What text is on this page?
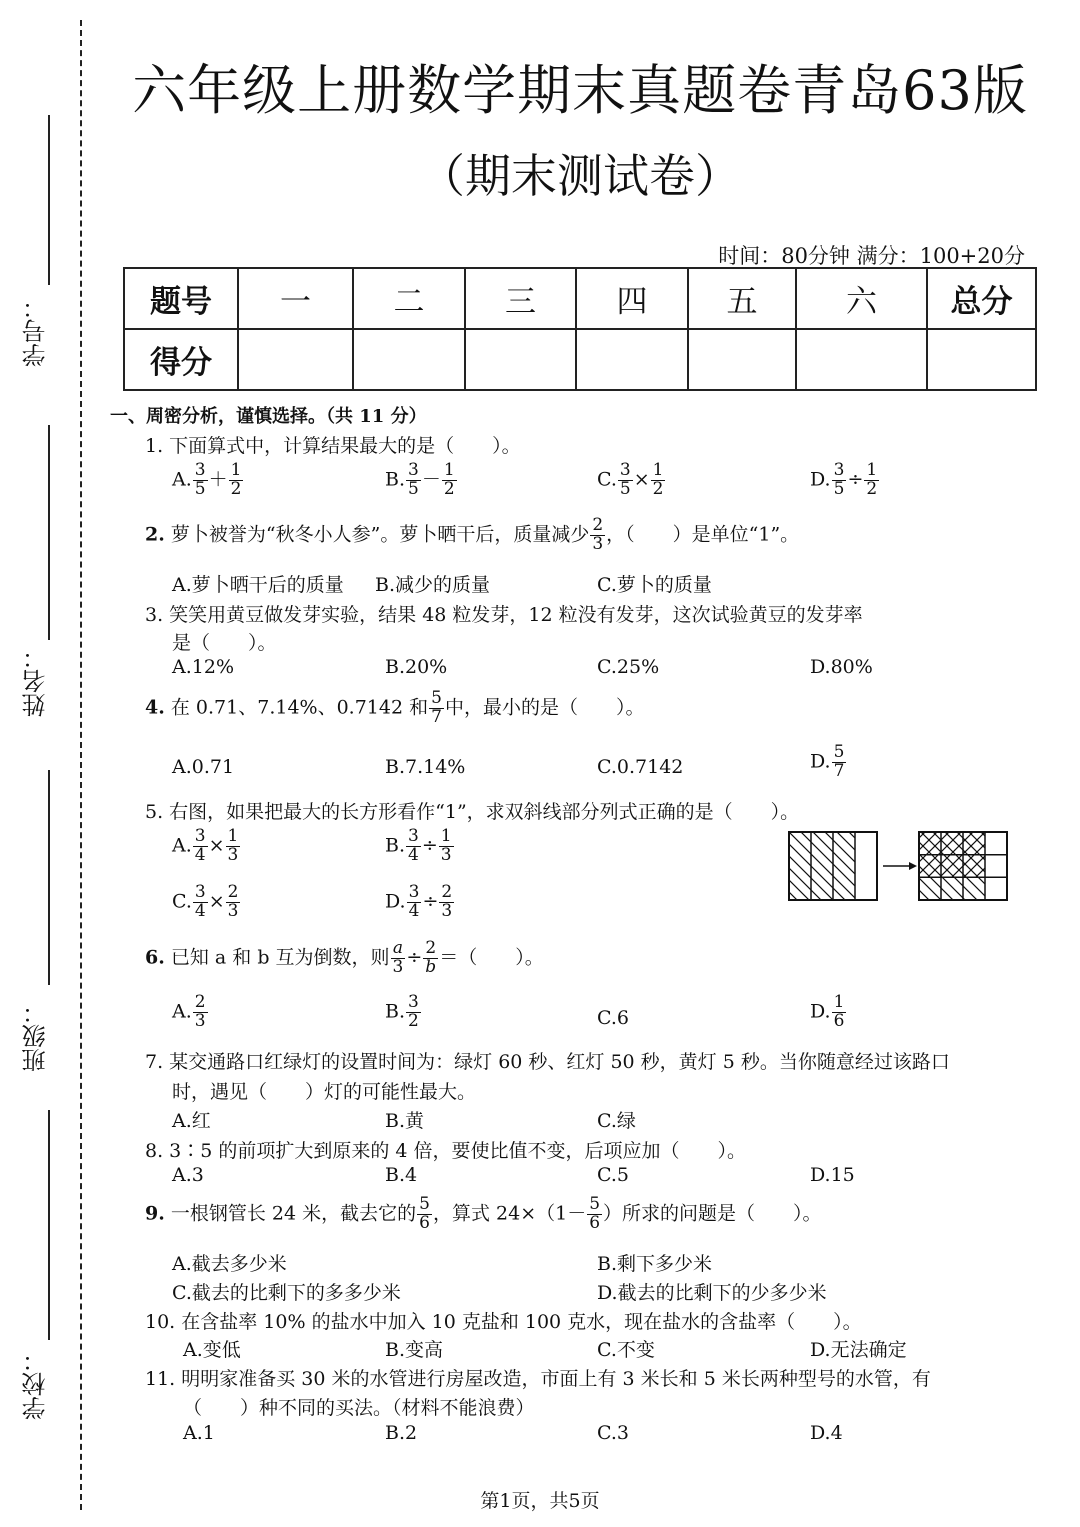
学号：
姓名：
班级：
学校：
六年级上册数学期末真题卷青岛63版
（期末测试卷）
时间：80分钟 满分：100+20分
题号	一	二	三	四	五	六	总分
得分							
一、周密分析，谨慎选择。（共 11 分）
1. 下面算式中，计算结果最大的是（　　）。
A. $\frac{3}{5} + \frac{1}{2}$	B. $\frac{3}{5} - \frac{1}{2}$	C. $\frac{3}{5} \times \frac{1}{2}$	D. $\frac{3}{5} \div \frac{1}{2}$
2. 萝卜被誉为“秋冬小人参”。萝卜晒干后，质量减少 $\frac{2}{3}$ ，（　　）是单位“1”。
A.萝卜晒干后的质量 B.减少的质量	C.萝卜的质量
3. 笑笑用黄豆做发芽实验，结果 48 粒发芽，12 粒没有发芽，这次试验黄豆的发芽率
是（　　）。
A.12%	B.20%	C.25%	D.80%
4. 在 0.71、7.14%、0.7142 和 $\frac{5}{7}$ 中，最小的是（　　）。
A.0.71	B.7.14%	C.0.7142	D. $\frac{5}{7}$
5. 右图，如果把最大的长方形看作“1”，求双斜线部分列式正确的是（　　）。
A. $\frac{3}{4} \times \frac{1}{3}$	B. $\frac{3}{4} \div \frac{1}{3}$
C. $\frac{3}{4} \times \frac{2}{3}$	D. $\frac{3}{4} \div \frac{2}{3}$
6. 已知 a 和 b 互为倒数，则 $\frac{a}{3} \div \frac{2}{b}$ ＝（　　）。
A. $\frac{2}{3}$	B. $\frac{3}{2}$	C.6	D. $\frac{1}{6}$
7. 某交通路口红绿灯的设置时间为：绿灯 60 秒、红灯 50 秒，黄灯 5 秒。当你随意经过该路口
时，遇见（　　）灯的可能性最大。
A.红	B.黄	C.绿
8. 3∶5 的前项扩大到原来的 4 倍，要使比值不变，后项应加（　　）。
A.3	B.4	C.5	D.15
9. 一根钢管长 24 米，截去它的 $\frac{5}{6}$ ，算式 $24\times(1- \frac{5}{6}$ ）所求的问题是（　　）。
A.截去多少米	B.剩下多少米
C.截去的比剩下的多多少米	D.截去的比剩下的少多少米
10. 在含盐率 10% 的盐水中加入 10 克盐和 100 克水，现在盐水的含盐率（　　）。
A.变低	B.变高	C.不变	D.无法确定
11. 明明家准备买 30 米的水管进行房屋改造，市面上有 3 米长和 5 米长两种型号的水管，有
（　　）种不同的买法。（材料不能浪费）
A.1	B.2	C.3	D.4
第1页，共5页
